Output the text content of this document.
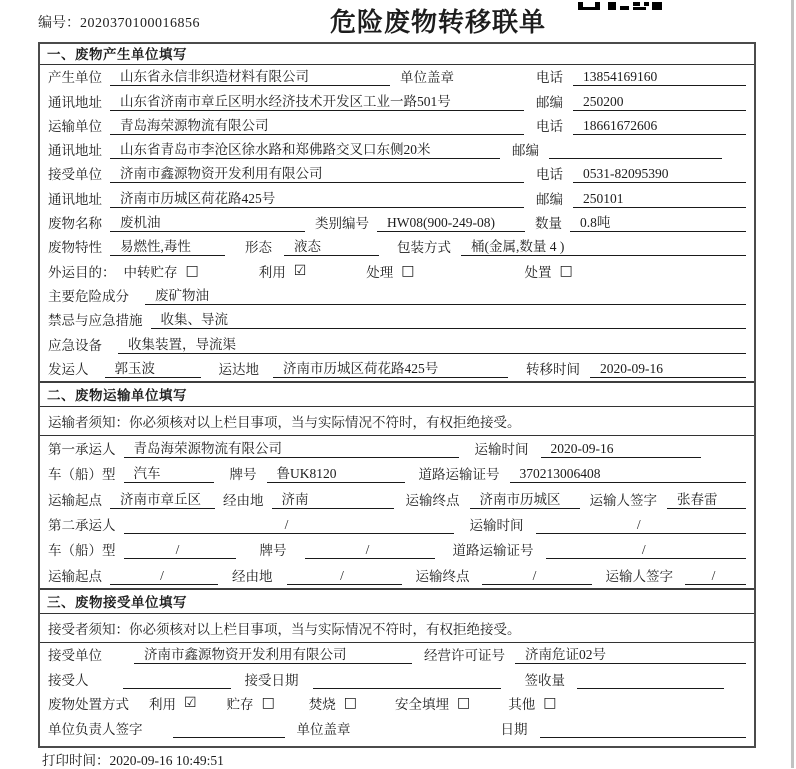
编号：2020370100016856	危险废物转移联单
一、废物产生单位填写
产生单位	山东省永信非织造材料有限公司	单位盖章	电话	13854169160
通讯地址	山东省济南市章丘区明水经济技术开发区工业一路501号	邮编	250200
运输单位	青岛海荣源物流有限公司	电话	18661672606
通讯地址	山东省青岛市李沧区徐水路和郑佛路交叉口东侧20米	邮编
接受单位	济南市鑫源物资开发利用有限公司	电话	0531-82095390
通讯地址	济南市历城区荷花路425号	邮编	250101
废物名称	废机油	类别编号	HW08(900-249-08)	数量	0.8吨
废物特性	易燃性,毒性	形态	液态	包装方式	桶(金属,数量 4 )
外运目的： 中转贮存 □	利用 ☑	处理 □	处置 □
主要危险成分	废矿物油
禁忌与应急措施	收集、导流
应急设备	收集装置，导流渠
发运人	郭玉波	运达地	济南市历城区荷花路425号	转移时间	2020-09-16
二、废物运输单位填写
运输者须知： 你必须核对以上栏目事项，当与实际情况不符时，有权拒绝接受。
第一承运人	青岛海荣源物流有限公司	运输时间	2020-09-16
车（船）型	汽车	牌号	鲁UK8120	道路运输证号	370213006408
运输起点	济南市章丘区	经由地	济南	运输终点	济南市历城区	运输人签字	张春雷
第二承运人	/	运输时间	/
车（船）型	/	牌号	/	道路运输证号	/
运输起点	/	经由地	/	运输终点	/	运输人签字	/
三、废物接受单位填写
接受者须知： 你必须核对以上栏目事项，当与实际情况不符时，有权拒绝接受。
接受单位	济南市鑫源物资开发利用有限公司	经营许可证号	济南危证02号
接受人	接受日期	签收量
废物处置方式 利用 ☑ 贮存 □	焚烧 □	安全填埋 □	其他 □
单位负责人签字	单位盖章	日期
打印时间：2020-09-16 10:49:51
